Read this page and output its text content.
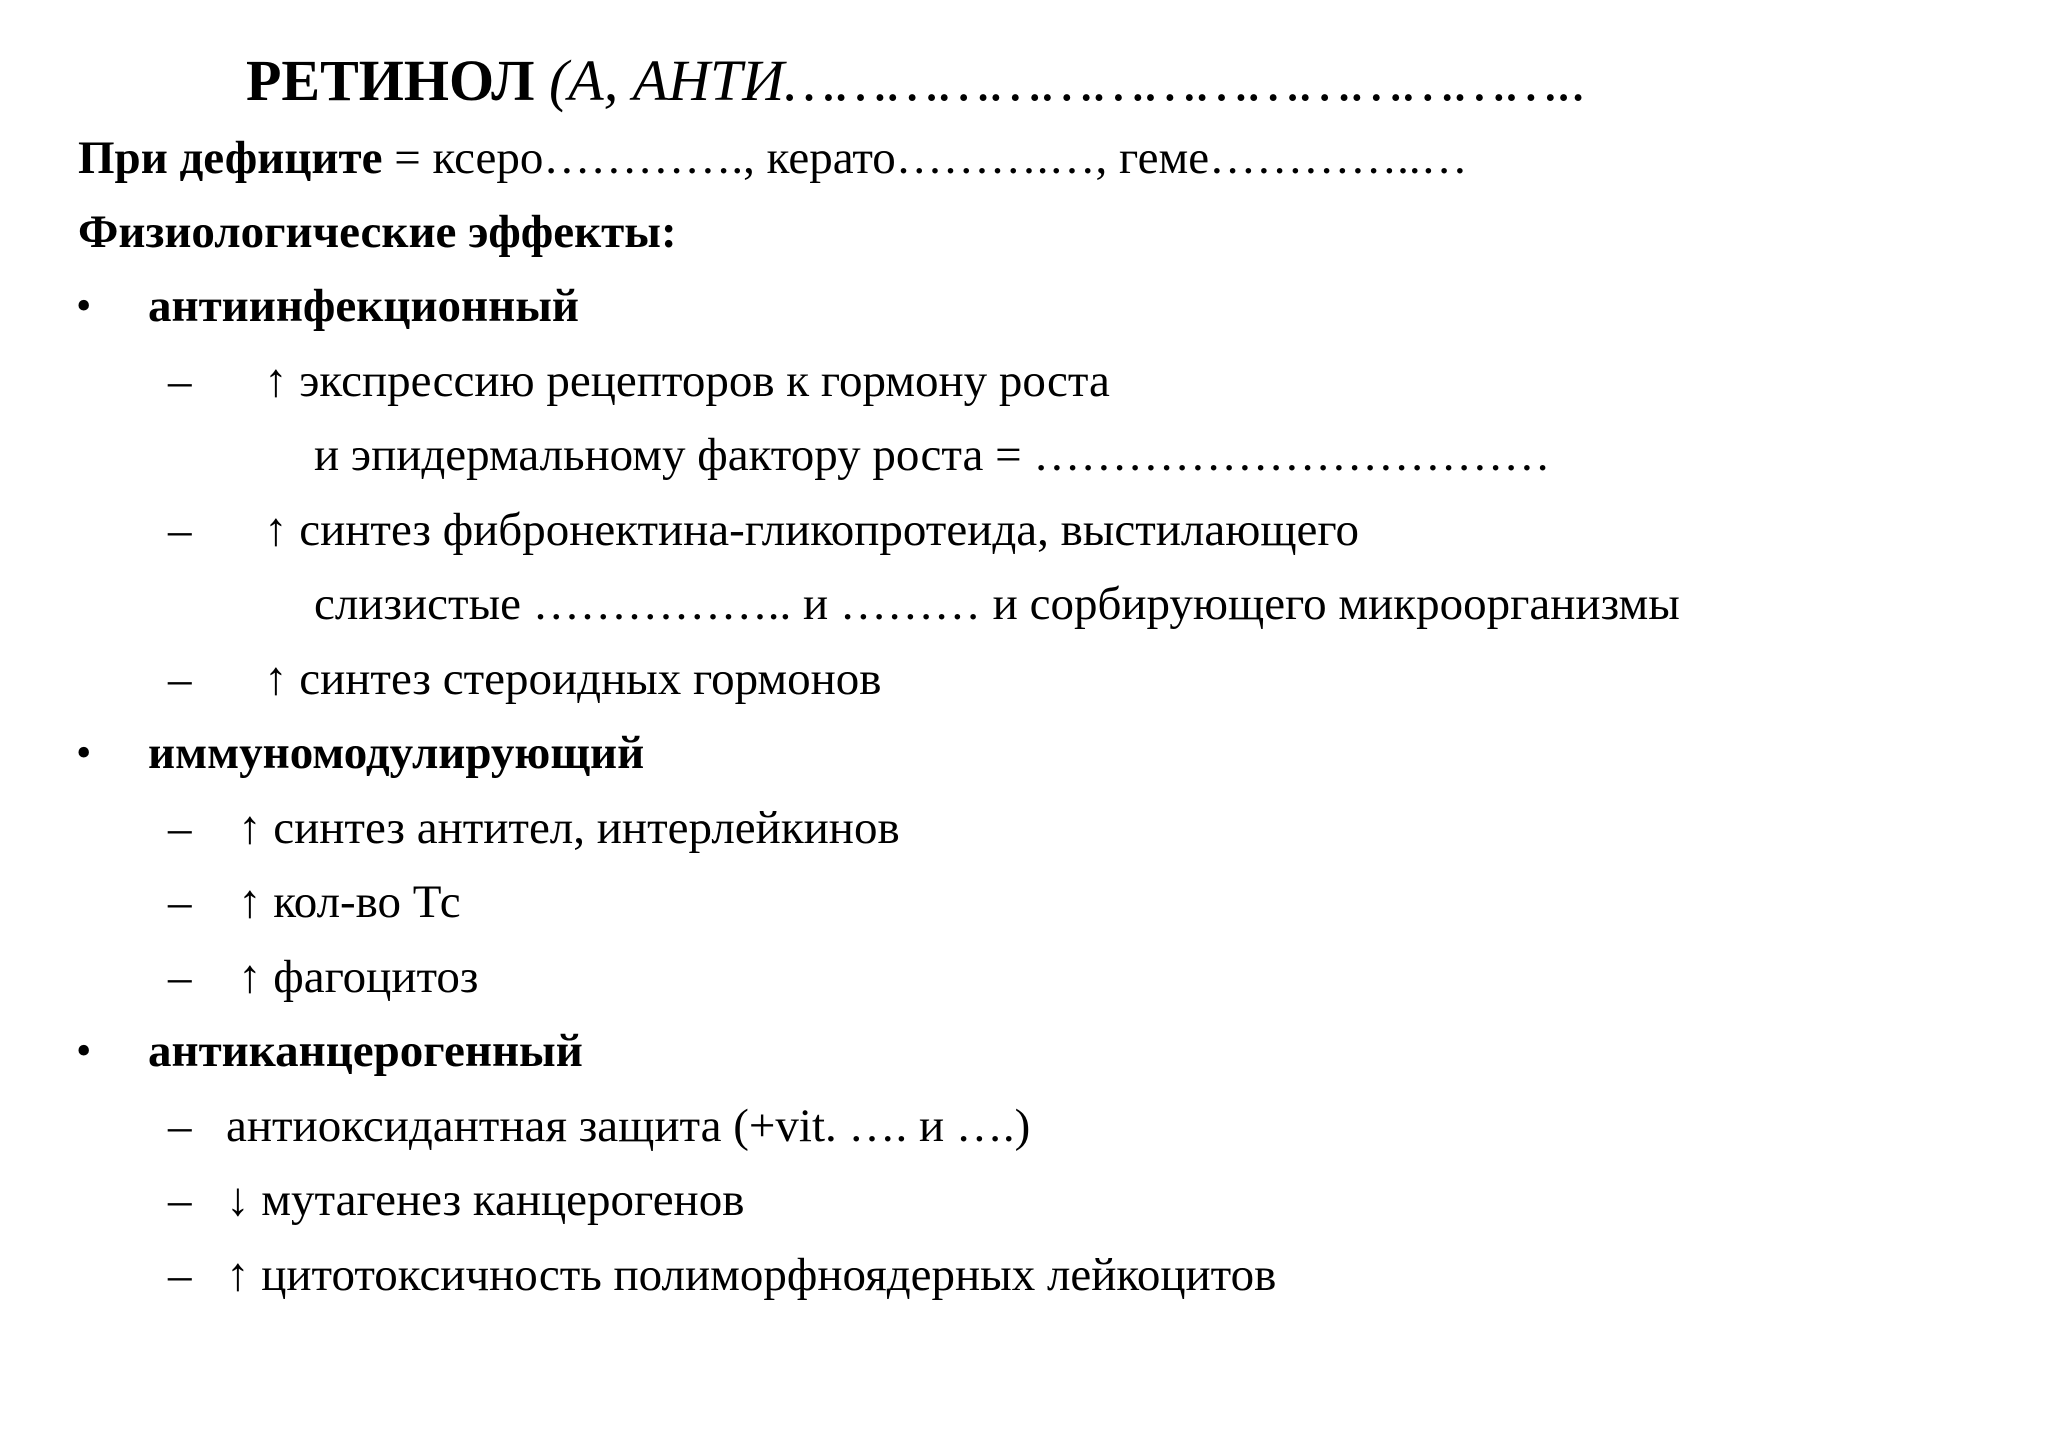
РЕТИНОЛ (А, АНТИ………………………………………..
При дефиците = ксеро…………., керато……….…, геме…………..…
Физиологические эффекты:
• антиинфекционный
– ↑ экспрессию рецепторов к гормону роста
и эпидермальному фактору роста = ……………………………
– ↑ синтез фибронектина-гликопротеида, выстилающего
слизистые …………….. и ……… и сорбирующего микроорганизмы
– ↑ синтез стероидных гормонов
• иммуномодулирующий
– ↑ синтез антител, интерлейкинов
– ↑ кол-во Тс
– ↑ фагоцитоз
• антиканцерогенный
– антиоксидантная защита (+vit. …. и ….)
– ↓ мутагенез канцерогенов
– ↑ цитотоксичность полиморфноядерных лейкоцитов
